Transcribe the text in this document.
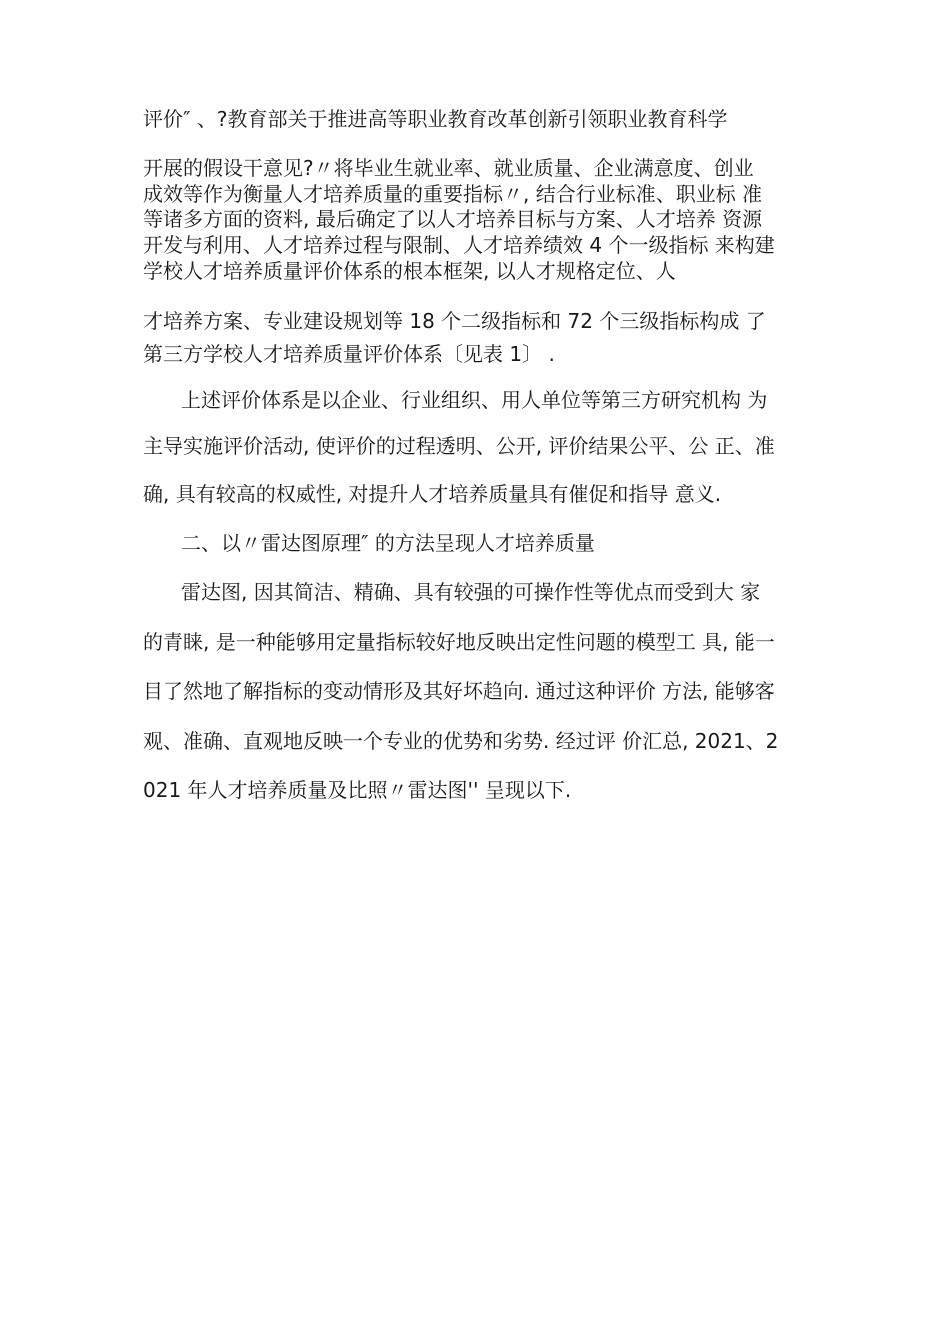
评价″ 、?教育部关于推进高等职业教育改革创新引领职业教育科学
开展的假设干意见?〃将毕业生就业率、就业质量、企业满意度、创业
成效等作为衡量人才培养质量的重要指标〃, 结合行业标准、职业标 准
等诸多方面的资料, 最后确定了以人才培养目标与方案、人才培养 资源
开发与利用、人才培养过程与限制、人才培养绩效 4 个一级指标 来构建
学校人才培养质量评价体系的根本框架, 以人才规格定位、人
才培养方案、专业建设规划等 18 个二级指标和 72 个三级指标构成 了
第三方学校人才培养质量评价体系〔见表 1〕 .
上述评价体系是以企业、行业组织、用人单位等第三方研究机构 为
主导实施评价活动, 使评价的过程透明、公开, 评价结果公平、公 正、准
确, 具有较高的权威性, 对提升人才培养质量具有催促和指导 意义.
二、以〃雷达图原理″ 的方法呈现人才培养质量
雷达图, 因其简洁、精确、具有较强的可操作性等优点而受到大 家
的青睐, 是一种能够用定量指标较好地反映出定性问题的模型工 具, 能一
目了然地了解指标的变动情形及其好坏趋向. 通过这种评价 方法, 能够客
观、准确、直观地反映一个专业的优势和劣势. 经过评 价汇总, 2021、2
021 年人才培养质量及比照〃雷达图'' 呈现以下.
